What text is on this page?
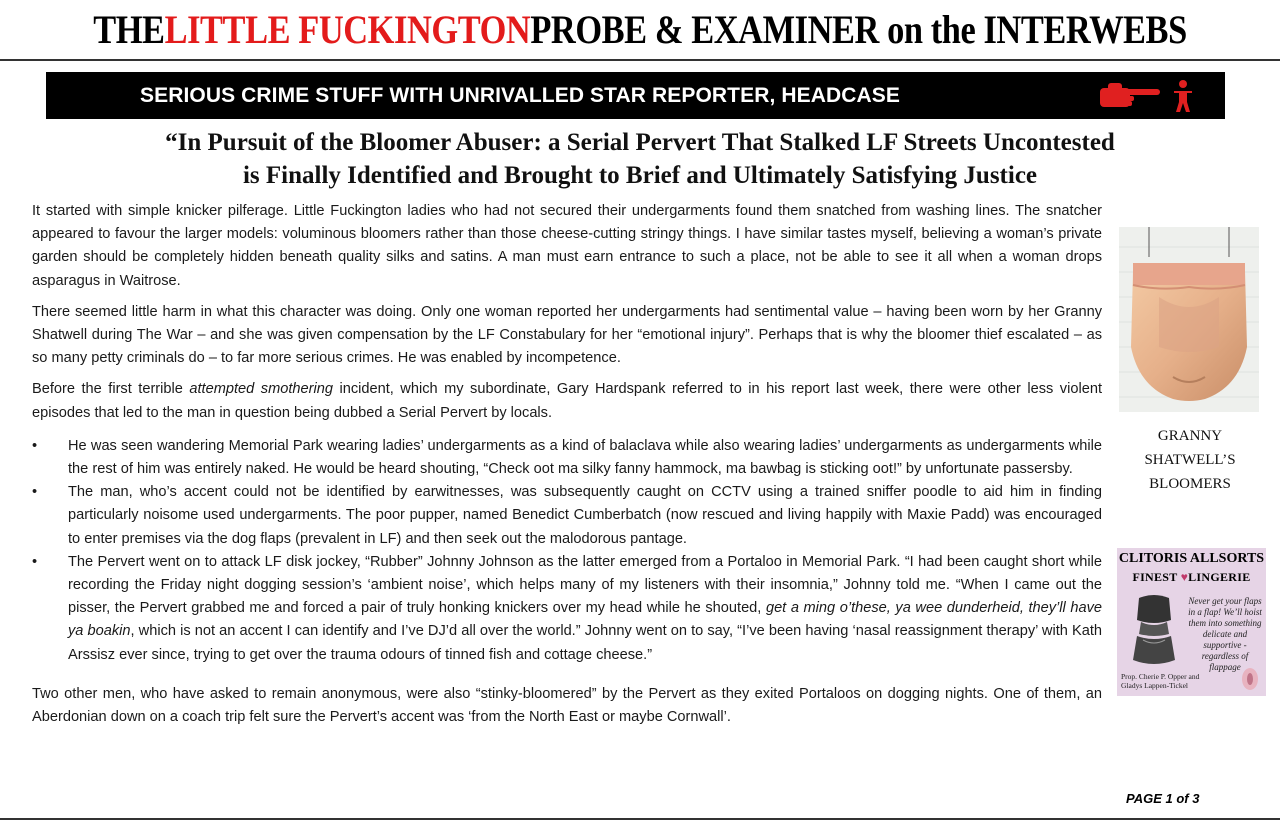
THE LITTLE FUCKINGTON PROBE & EXAMINER on the INTERWEBS
SERIOUS CRIME STUFF WITH UNRIVALLED STAR REPORTER, HEADCASE
“In Pursuit of the Bloomer Abuser: a Serial Pervert That Stalked LF Streets Uncontested
is Finally Identified and Brought to Brief and Ultimately Satisfying Justice

It started with simple knicker pilferage. Little Fuckington ladies who had not secured their undergarments found them snatched from washing lines. The snatcher appeared to favour the larger models: voluminous bloomers rather than those cheese-cutting stringy things. I have similar tastes myself, believing a woman’s private garden should be completely hidden beneath quality silks and satins. A man must earn entrance to such a place, not be able to see it all when a woman drops asparagus in Waitrose.

There seemed little harm in what this character was doing. Only one woman reported her undergarments had sentimental value – having been worn by her Granny Shatwell during The War – and she was given compensation by the LF Constabulary for her “emotional injury”. Perhaps that is why the bloomer thief escalated – as so many petty criminals do – to far more serious crimes. He was enabled by incompetence.

Before the first terrible attempted smothering incident, which my subordinate, Gary Hardspank referred to in his report last week, there were other less violent episodes that led to the man in question being dubbed a Serial Pervert by locals.

• He was seen wandering Memorial Park wearing ladies’ undergarments as a kind of balaclava while also wearing ladies’ undergarments as undergarments while the rest of him was entirely naked. He would be heard shouting, “Check oot ma silky fanny hammock, ma bawbag is sticking oot!” by unfortunate passersby.
• The man, who’s accent could not be identified by earwitnesses, was subsequently caught on CCTV using a trained sniffer poodle to aid him in finding particularly noisome used undergarments. The poor pupper, named Benedict Cumberbatch (now rescued and living happily with Maxie Padd) was encouraged to enter premises via the dog flaps (prevalent in LF) and then seek out the malodorous pantage.
• The Pervert went on to attack LF disk jockey, “Rubber” Johnny Johnson as the latter emerged from a Portaloo in Memorial Park. “I had been caught short while recording the Friday night dogging session’s ‘ambient noise’, which helps many of my listeners with their insomnia,” Johnny told me. “When I came out the pisser, the Pervert grabbed me and forced a pair of truly honking knickers over my head while he shouted, get a ming o’these, ya wee dunderheid, they’ll have ya boakin, which is not an accent I can identify and I’ve DJ’d all over the world.” Johnny went on to say, “I’ve been having ‘nasal reassignment therapy’ with Kath Arssisz ever since, trying to get over the trauma odours of tinned fish and cottage cheese.”

Two other men, who have asked to remain anonymous, were also “stinky-bloomered” by the Pervert as they exited Portaloos on dogging nights. One of them, an Aberdonian down on a coach trip felt sure the Pervert’s accent was ‘from the North East or maybe Cornwall’.

GRANNY
SHATWELL’S
BLOOMERS
CLITORIS ALLSORTS
FINEST ♥LINGERIE
Never get your flaps in a flap! We’ll hoist them into something delicate and supportive - regardless of flappage
Prop. Cherie P. Opper and
Gladys Lappen-Tickel
PAGE 1 of 3
